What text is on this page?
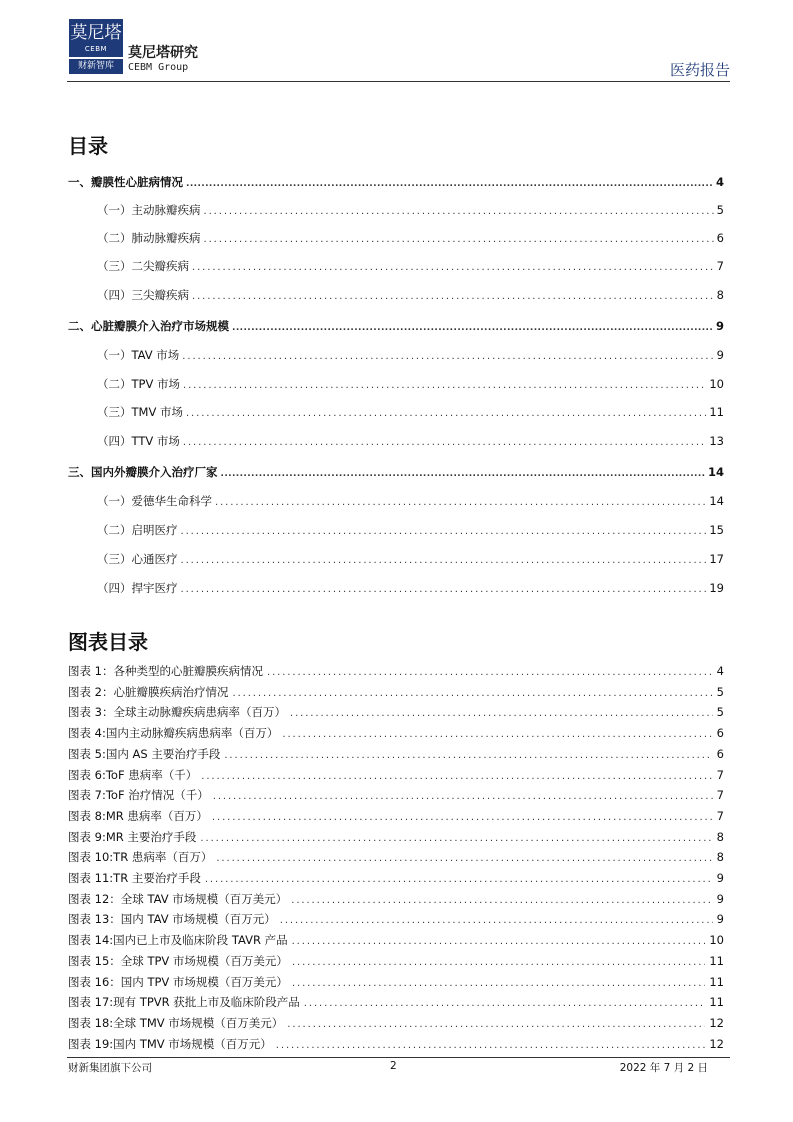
莫尼塔
CEBM
财新智库
莫尼塔研究
CEBM Group	医药报告
目录
一、瓣膜性心脏病情况 .....	4
（一）主动脉瓣疾病 .....	5
（二）肺动脉瓣疾病 .....	6
（三）二尖瓣疾病 .....	7
（四）三尖瓣疾病 .....	8
二、心脏瓣膜介入治疗市场规模 .....	9
（一）TAV 市场 .....	9
（二）TPV 市场 .....	10
（三）TMV 市场 .....	11
（四）TTV 市场 .....	13
三、国内外瓣膜介入治疗厂家 .....	14
（一）爱德华生命科学 .....	14
（二）启明医疗 .....	15
（三）心通医疗 .....	17
（四）捍宇医疗 .....	19
图表目录
图表 1：各种类型的心脏瓣膜疾病情况 .....	4
图表 2：心脏瓣膜疾病治疗情况 .....	5
图表 3：全球主动脉瓣疾病患病率（百万） .....	5
图表 4:国内主动脉瓣疾病患病率（百万） .....	6
图表 5:国内 AS 主要治疗手段 .....	6
图表 6:ToF 患病率（千） .....	7
图表 7:ToF 治疗情况（千） .....	7
图表 8:MR 患病率（百万） .....	7
图表 9:MR 主要治疗手段 .....	8
图表 10:TR 患病率（百万） .....	8
图表 11:TR 主要治疗手段 .....	9
图表 12：全球 TAV 市场规模（百万美元） .....	9
图表 13：国内 TAV 市场规模（百万元） .....	9
图表 14:国内已上市及临床阶段 TAVR 产品 .....	10
图表 15：全球 TPV 市场规模（百万美元） .....	11
图表 16：国内 TPV 市场规模（百万美元） .....	11
图表 17:现有 TPVR 获批上市及临床阶段产品 .....	11
图表 18:全球 TMV 市场规模（百万美元） .....	12
图表 19:国内 TMV 市场规模（百万元） .....	12
财新集团旗下公司	2	2022 年 7 月 2 日
